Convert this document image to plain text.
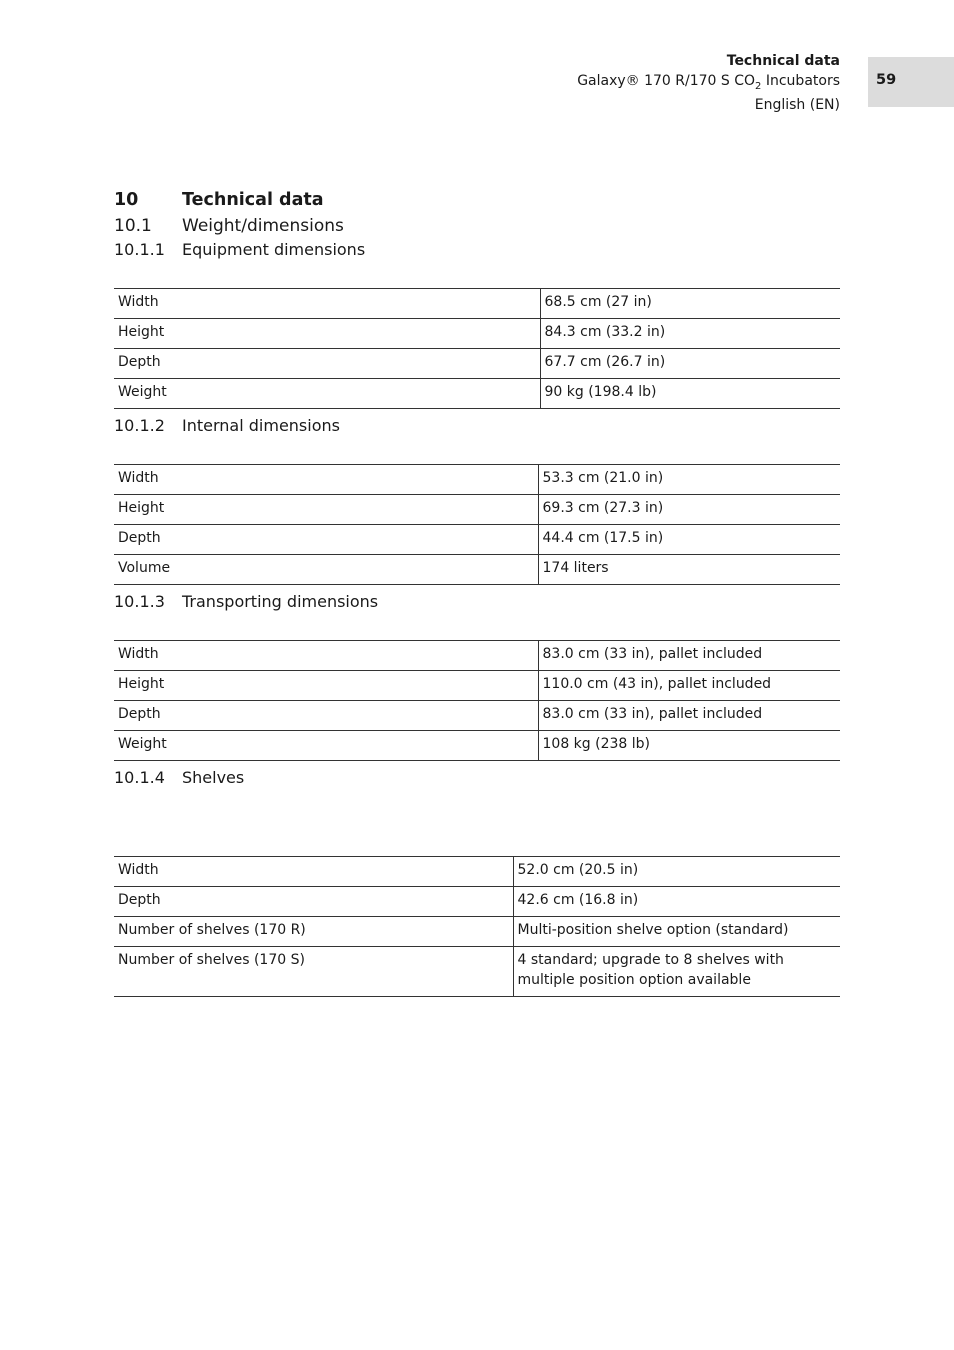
Technical data
Galaxy® 170 R/170 S $CO_2$ Incubators
English (EN)
59
10 Technical data
10.1 Weight/dimensions
10.1.1 Equipment dimensions
Width	68.5 cm (27 in)
Height	84.3 cm (33.2 in)
Depth	67.7 cm (26.7 in)
Weight	90 kg (198.4 lb)
10.1.2 Internal dimensions
Width	53.3 cm (21.0 in)
Height	69.3 cm (27.3 in)
Depth	44.4 cm (17.5 in)
Volume	174 liters
10.1.3 Transporting dimensions
Width	83.0 cm (33 in), pallet included
Height	110.0 cm (43 in), pallet included
Depth	83.0 cm (33 in), pallet included
Weight	108 kg (238 lb)
10.1.4 Shelves
Width	52.0 cm (20.5 in)
Depth	42.6 cm (16.8 in)
Number of shelves (170 R)	Multi-position shelve option (standard)
Number of shelves (170 S)	4 standard; upgrade to 8 shelves with multiple position option available
